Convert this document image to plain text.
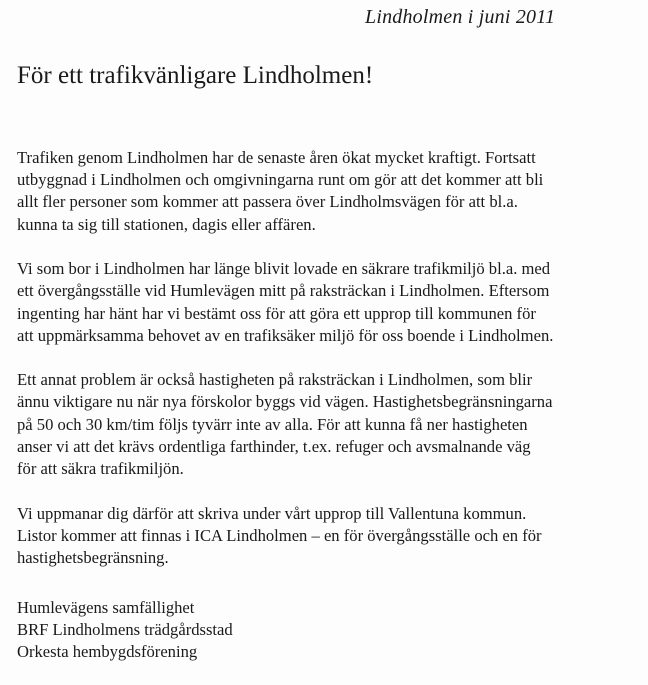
Lindholmen i juni 2011
För ett trafikvänligare Lindholmen!

Trafiken genom Lindholmen har de senaste åren ökat mycket kraftigt. Fortsatt
utbyggnad i Lindholmen och omgivningarna runt om gör att det kommer att bli
allt fler personer som kommer att passera över Lindholmsvägen för att bl.a.
kunna ta sig till stationen, dagis eller affären.

Vi som bor i Lindholmen har länge blivit lovade en säkrare trafikmiljö bl.a. med
ett övergångsställe vid Humlevägen mitt på raksträckan i Lindholmen. Eftersom
ingenting har hänt har vi bestämt oss för att göra ett upprop till kommunen för
att uppmärksamma behovet av en trafiksäker miljö för oss boende i Lindholmen.

Ett annat problem är också hastigheten på raksträckan i Lindholmen, som blir
ännu viktigare nu när nya förskolor byggs vid vägen. Hastighetsbegränsningarna
på 50 och 30 km/tim följs tyvärr inte av alla. För att kunna få ner hastigheten
anser vi att det krävs ordentliga farthinder, t.ex. refuger och avsmalnande väg
för att säkra trafikmiljön.

Vi uppmanar dig därför att skriva under vårt upprop till Vallentuna kommun.
Listor kommer att finnas i ICA Lindholmen – en för övergångsställe och en för
hastighetsbegränsning.

Humlevägens samfällighet
BRF Lindholmens trädgårdsstad
Orkesta hembygdsförening
